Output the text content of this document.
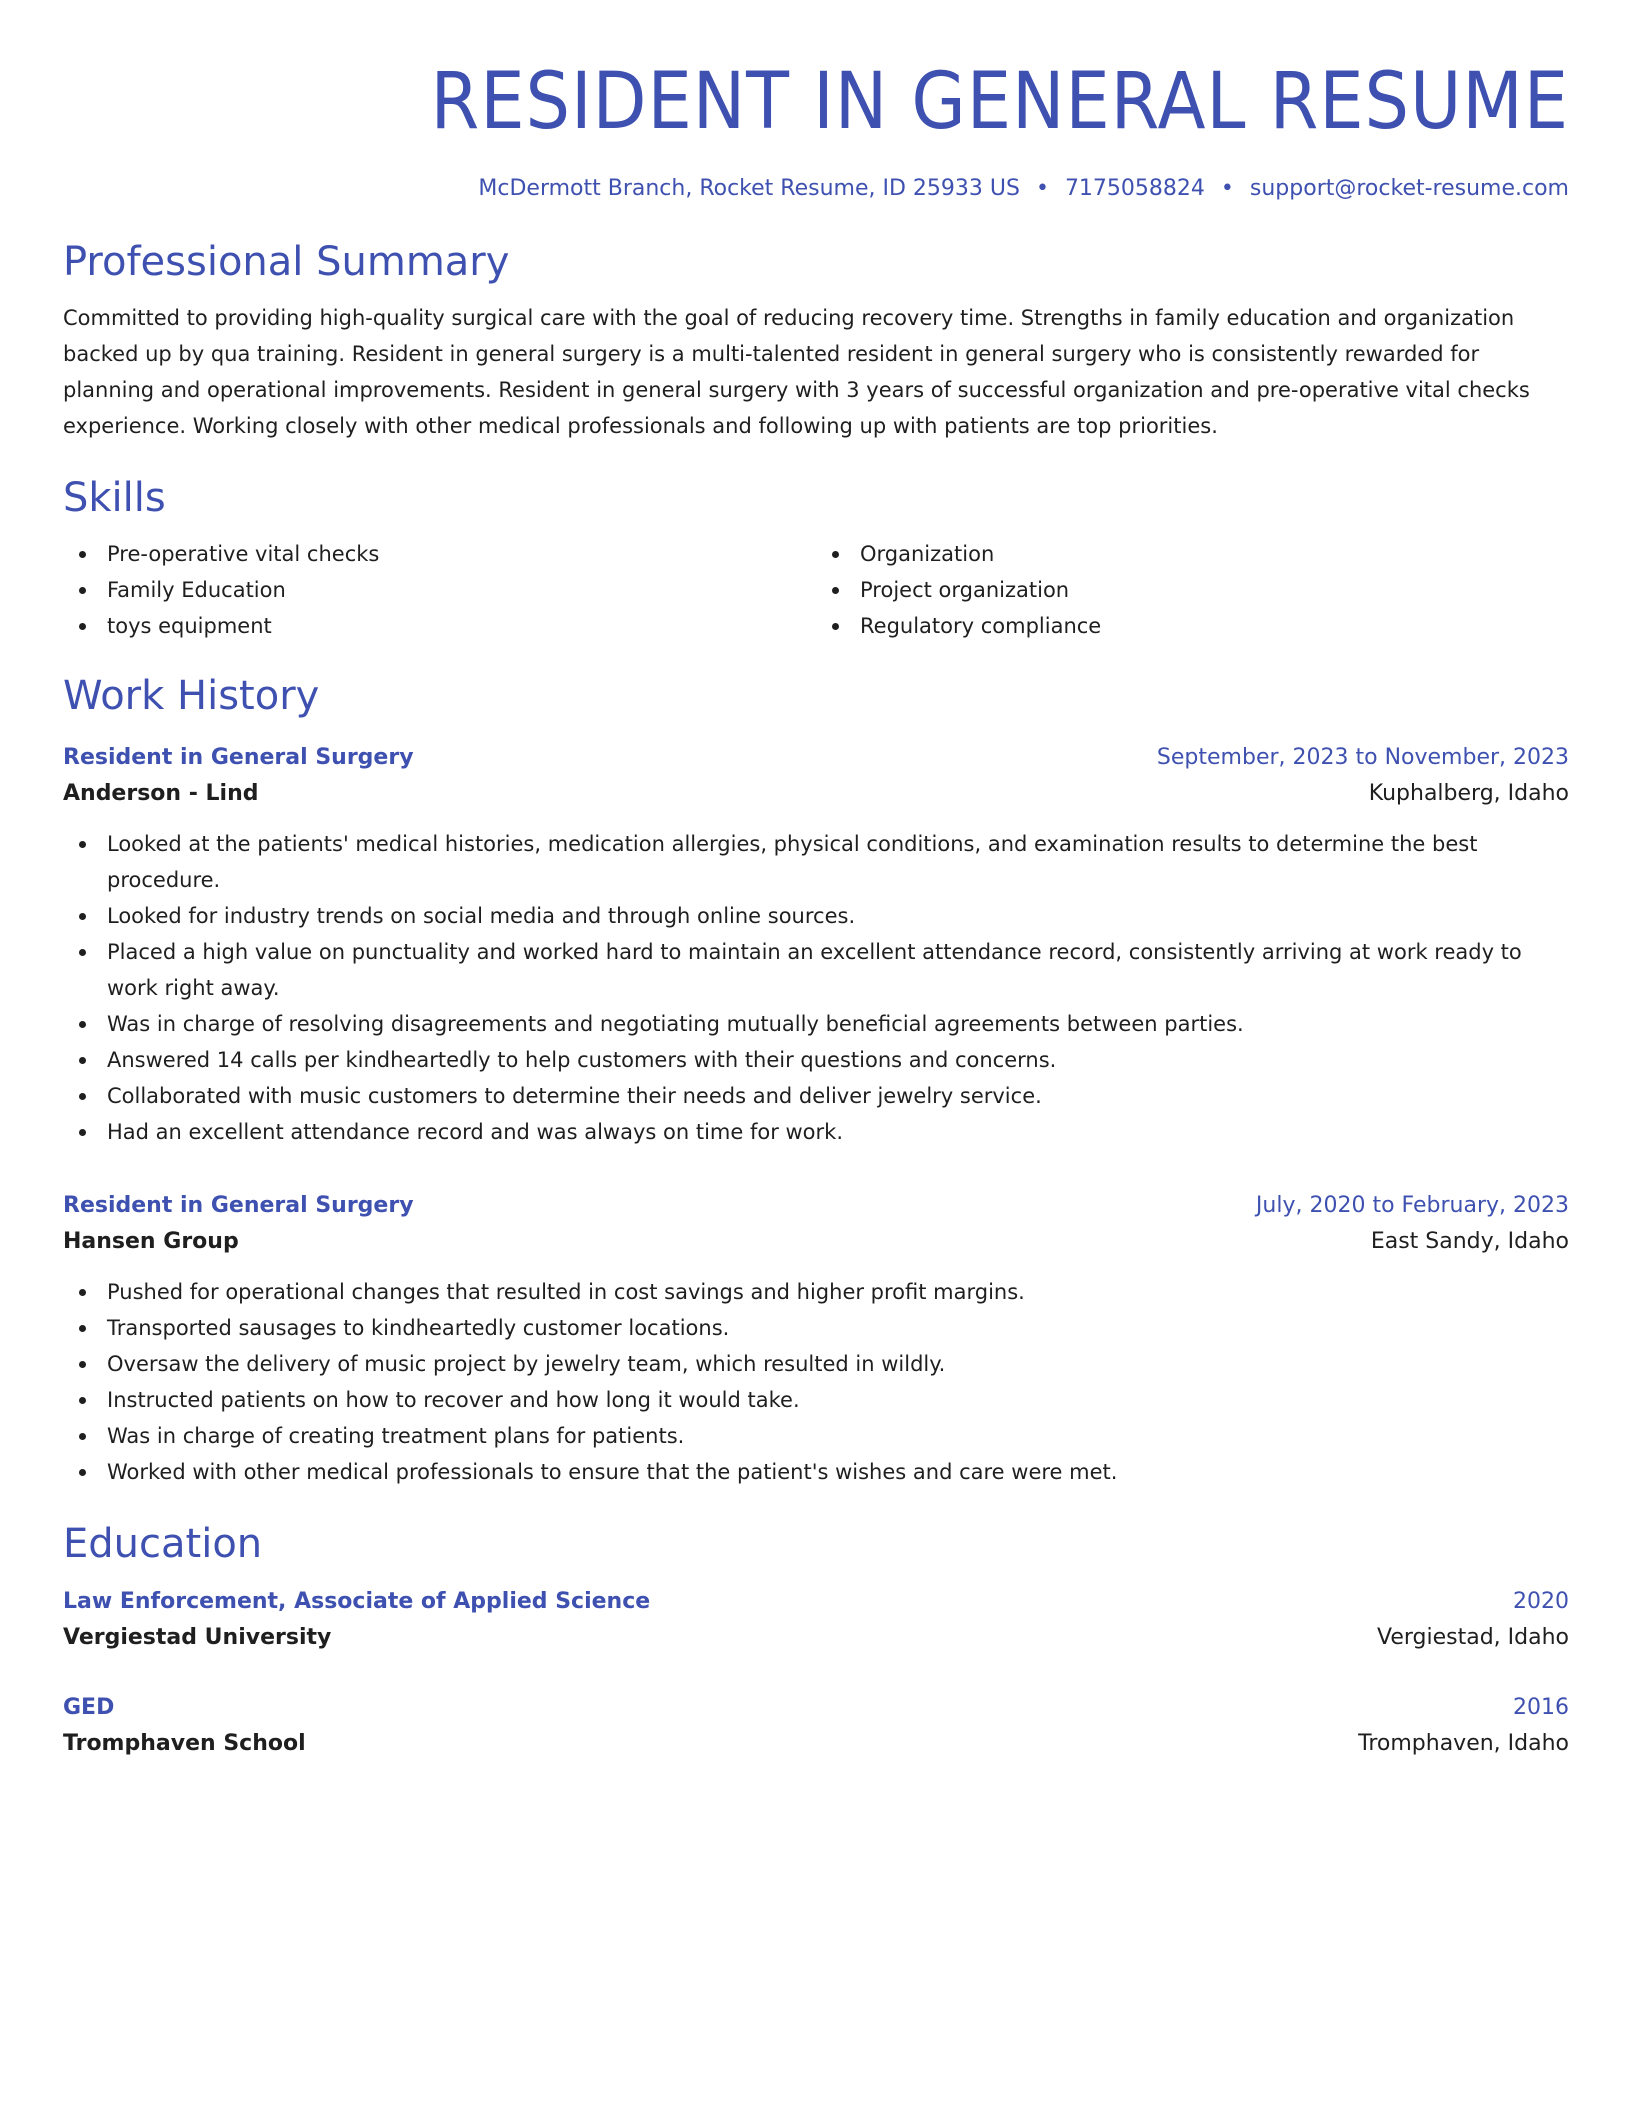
RESIDENT IN GENERAL RESUME
McDermott Branch, Rocket Resume, ID 25933 US • 7175058824 • support@rocket-resume.com
Professional Summary

Committed to providing high-quality surgical care with the goal of reducing recovery time. Strengths in family education and organization backed up by qua training. Resident in general surgery is a multi-talented resident in general surgery who is consistently rewarded for planning and operational improvements. Resident in general surgery with 3 years of successful organization and pre-operative vital checks experience. Working closely with other medical professionals and following up with patients are top priorities.

Skills
Pre-operative vital checks
Family Education
toys equipment
Organization
Project organization
Regulatory compliance
Work History
Resident in General Surgery	September, 2023 to November, 2023
Anderson - Lind	Kuphalberg, Idaho
Looked at the patients' medical histories, medication allergies, physical conditions, and examination results to determine the best procedure.
Looked for industry trends on social media and through online sources.
Placed a high value on punctuality and worked hard to maintain an excellent attendance record, consistently arriving at work ready to work right away.
Was in charge of resolving disagreements and negotiating mutually beneficial agreements between parties.
Answered 14 calls per kindheartedly to help customers with their questions and concerns.
Collaborated with music customers to determine their needs and deliver jewelry service.
Had an excellent attendance record and was always on time for work.
Resident in General Surgery	July, 2020 to February, 2023
Hansen Group	East Sandy, Idaho
Pushed for operational changes that resulted in cost savings and higher profit margins.
Transported sausages to kindheartedly customer locations.
Oversaw the delivery of music project by jewelry team, which resulted in wildly.
Instructed patients on how to recover and how long it would take.
Was in charge of creating treatment plans for patients.
Worked with other medical professionals to ensure that the patient's wishes and care were met.
Education
Law Enforcement, Associate of Applied Science	2020
Vergiestad University	Vergiestad, Idaho
GED	2016
Tromphaven School	Tromphaven, Idaho
